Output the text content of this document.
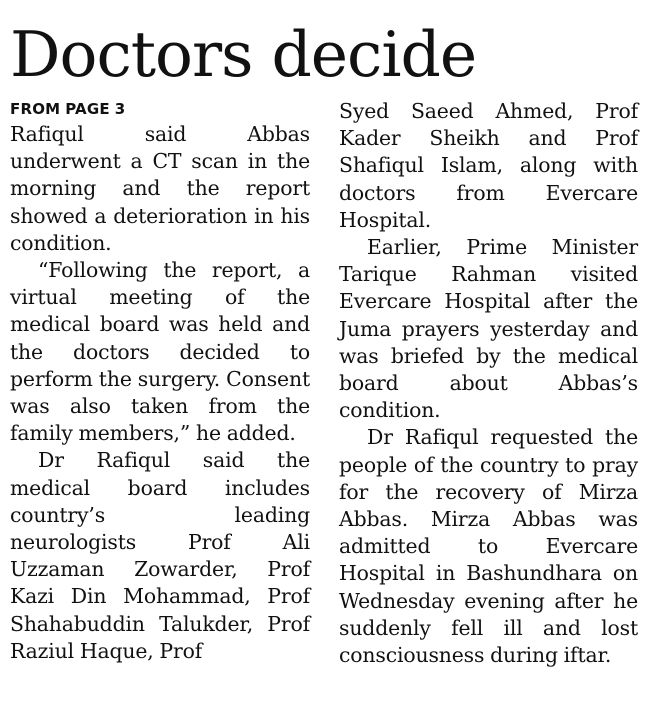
Doctors decide
FROM PAGE 3

Rafiqul said Abbas underwent a CT scan in the morning and the report showed a deterioration in his condition.

“Following the report, a virtual meeting of the medical board was held and the doctors decided to perform the surgery. Consent was also taken from the family members,” he added.

Dr Rafiqul said the medical board includes country’s leading neurologists Prof Ali Uzzaman Zowarder, Prof Kazi Din Mohammad, Prof Shahabuddin Talukder, Prof Raziul Haque, Prof

Syed Saeed Ahmed, Prof Kader Sheikh and Prof Shafiqul Islam, along with doctors from Evercare Hospital.

Earlier, Prime Minister Tarique Rahman visited Evercare Hospital after the Juma prayers yesterday and was briefed by the medical board about Abbas’s condition.

Dr Rafiqul requested the people of the country to pray for the recovery of Mirza Abbas. Mirza Abbas was admitted to Evercare Hospital in Bashundhara on Wednesday evening after he suddenly fell ill and lost consciousness during iftar.
